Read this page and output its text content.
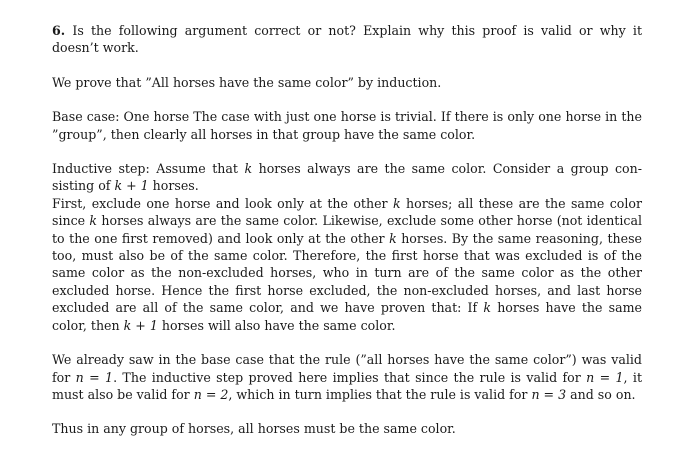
6. Is the following argument correct or not? Explain why this proof is valid or why it doesn’t work.

We prove that ”All horses have the same color” by induction.

Base case: One horse The case with just one horse is trivial. If there is only one horse in the ”group”, then clearly all horses in that group have the same color.

Inductive step: Assume that k horses always are the same color. Consider a group con-sisting of k + 1 horses.

First, exclude one horse and look only at the other k horses; all these are the same color since k horses always are the same color. Likewise, exclude some other horse (not identical to the one first removed) and look only at the other k horses. By the same reasoning, these too, must also be of the same color. Therefore, the first horse that was excluded is of the same color as the non-excluded horses, who in turn are of the same color as the other excluded horse. Hence the first horse excluded, the non-excluded horses, and last horse excluded are all of the same color, and we have proven that: If k horses have the same color, then k + 1 horses will also have the same color.

We already saw in the base case that the rule (”all horses have the same color”) was valid for n = 1. The inductive step proved here implies that since the rule is valid for n = 1, it must also be valid for n = 2, which in turn implies that the rule is valid for n = 3 and so on.

Thus in any group of horses, all horses must be the same color.
